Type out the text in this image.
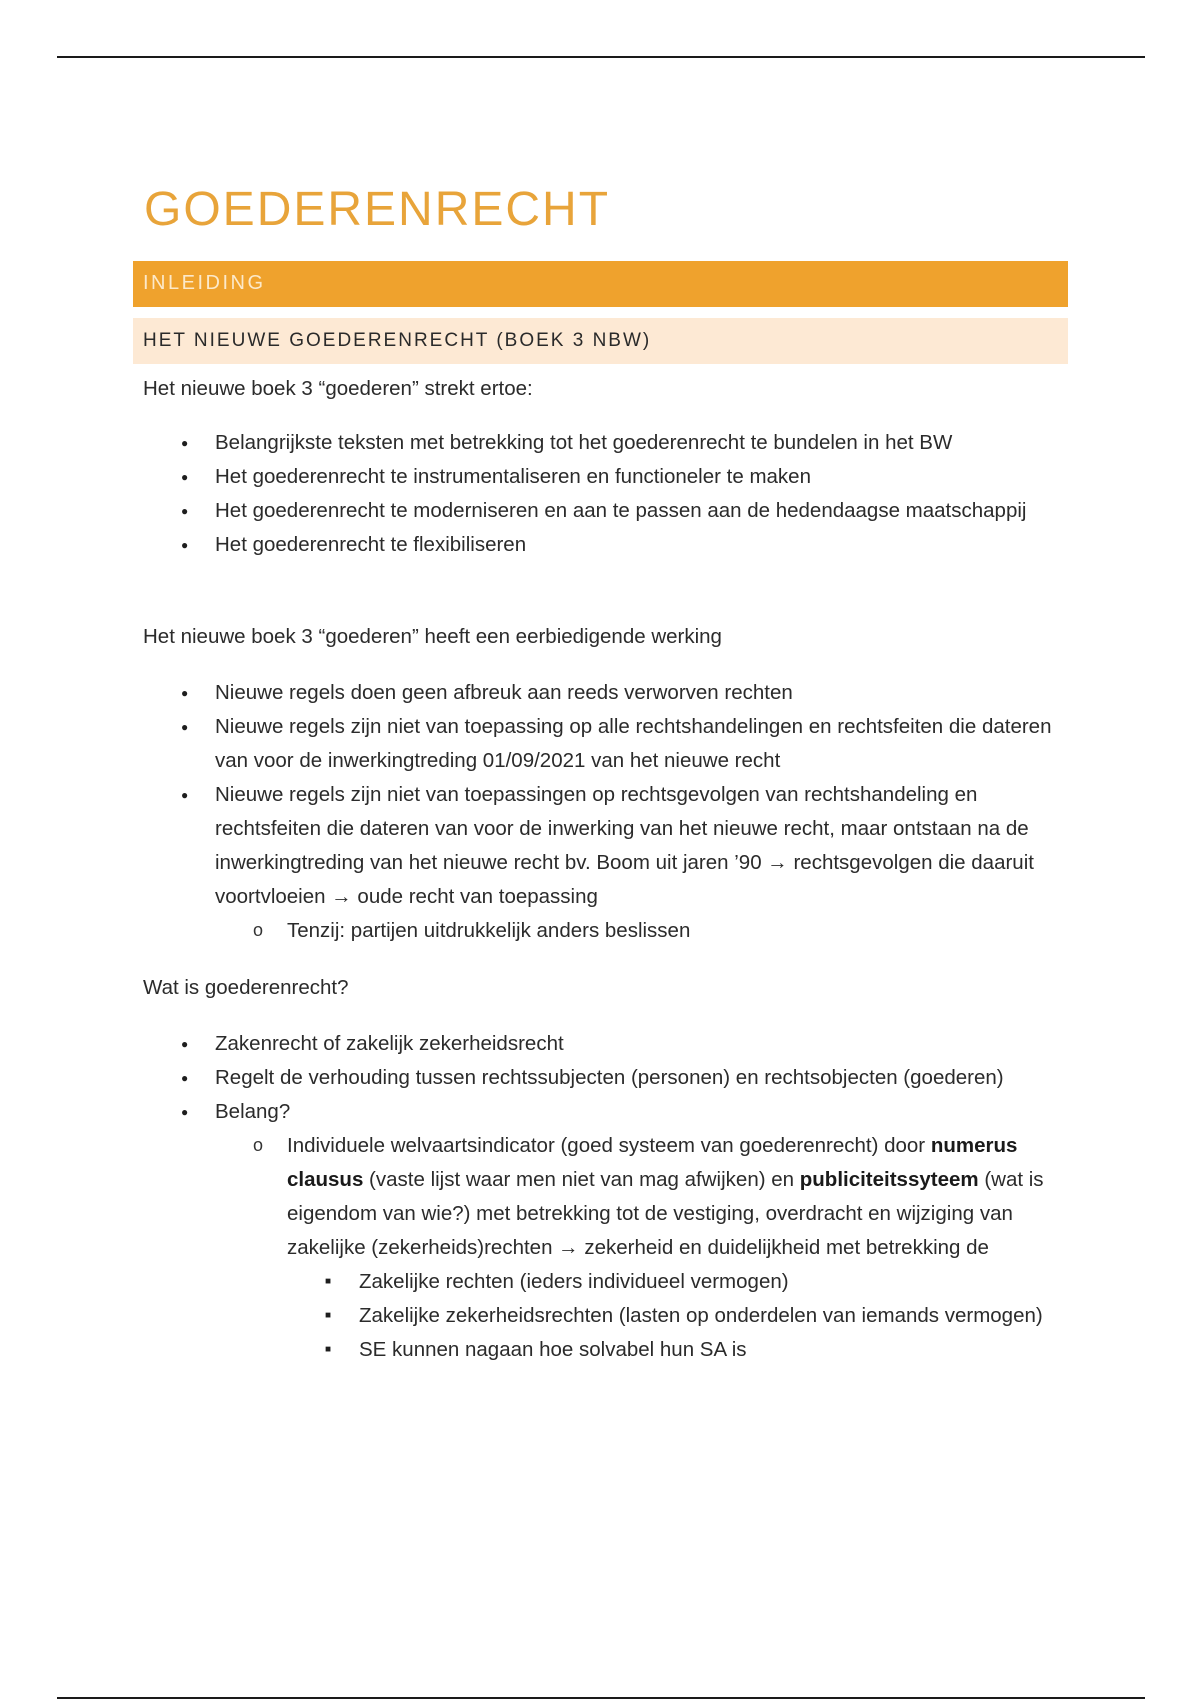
GOEDERENRECHT
INLEIDING
HET NIEUWE GOEDERENRECHT (BOEK 3 NBW)

Het nieuwe boek 3 “goederen” strekt ertoe:

● Belangrijkste teksten met betrekking tot het goederenrecht te bundelen in het BW
● Het goederenrecht te instrumentaliseren en functioneler te maken
● Het goederenrecht te moderniseren en aan te passen aan de hedendaagse maatschappij
● Het goederenrecht te flexibiliseren

Het nieuwe boek 3 “goederen” heeft een eerbiedigende werking

● Nieuwe regels doen geen afbreuk aan reeds verworven rechten
● Nieuwe regels zijn niet van toepassing op alle rechtshandelingen en rechtsfeiten die dateren van voor de inwerkingtreding 01/09/2021 van het nieuwe recht
● Nieuwe regels zijn niet van toepassingen op rechtsgevolgen van rechtshandeling en rechtsfeiten die dateren van voor de inwerking van het nieuwe recht, maar ontstaan na de inwerkingtreding van het nieuwe recht bv. Boom uit jaren ’90 → rechtsgevolgen die daaruit voortvloeien → oude recht van toepassing
o Tenzij: partijen uitdrukkelijk anders beslissen

Wat is goederenrecht?

● Zakenrecht of zakelijk zekerheidsrecht
● Regelt de verhouding tussen rechtssubjecten (personen) en rechtsobjecten (goederen)
● Belang?
o Individuele welvaartsindicator (goed systeem van goederenrecht) door numerus clausus (vaste lijst waar men niet van mag afwijken) en publiciteitssyteem (wat is eigendom van wie?) met betrekking tot de vestiging, overdracht en wijziging van zakelijke (zekerheids)rechten → zekerheid en duidelijkheid met betrekking de
■ Zakelijke rechten (ieders individueel vermogen)
■ Zakelijke zekerheidsrechten (lasten op onderdelen van iemands vermogen)
■ SE kunnen nagaan hoe solvabel hun SA is
